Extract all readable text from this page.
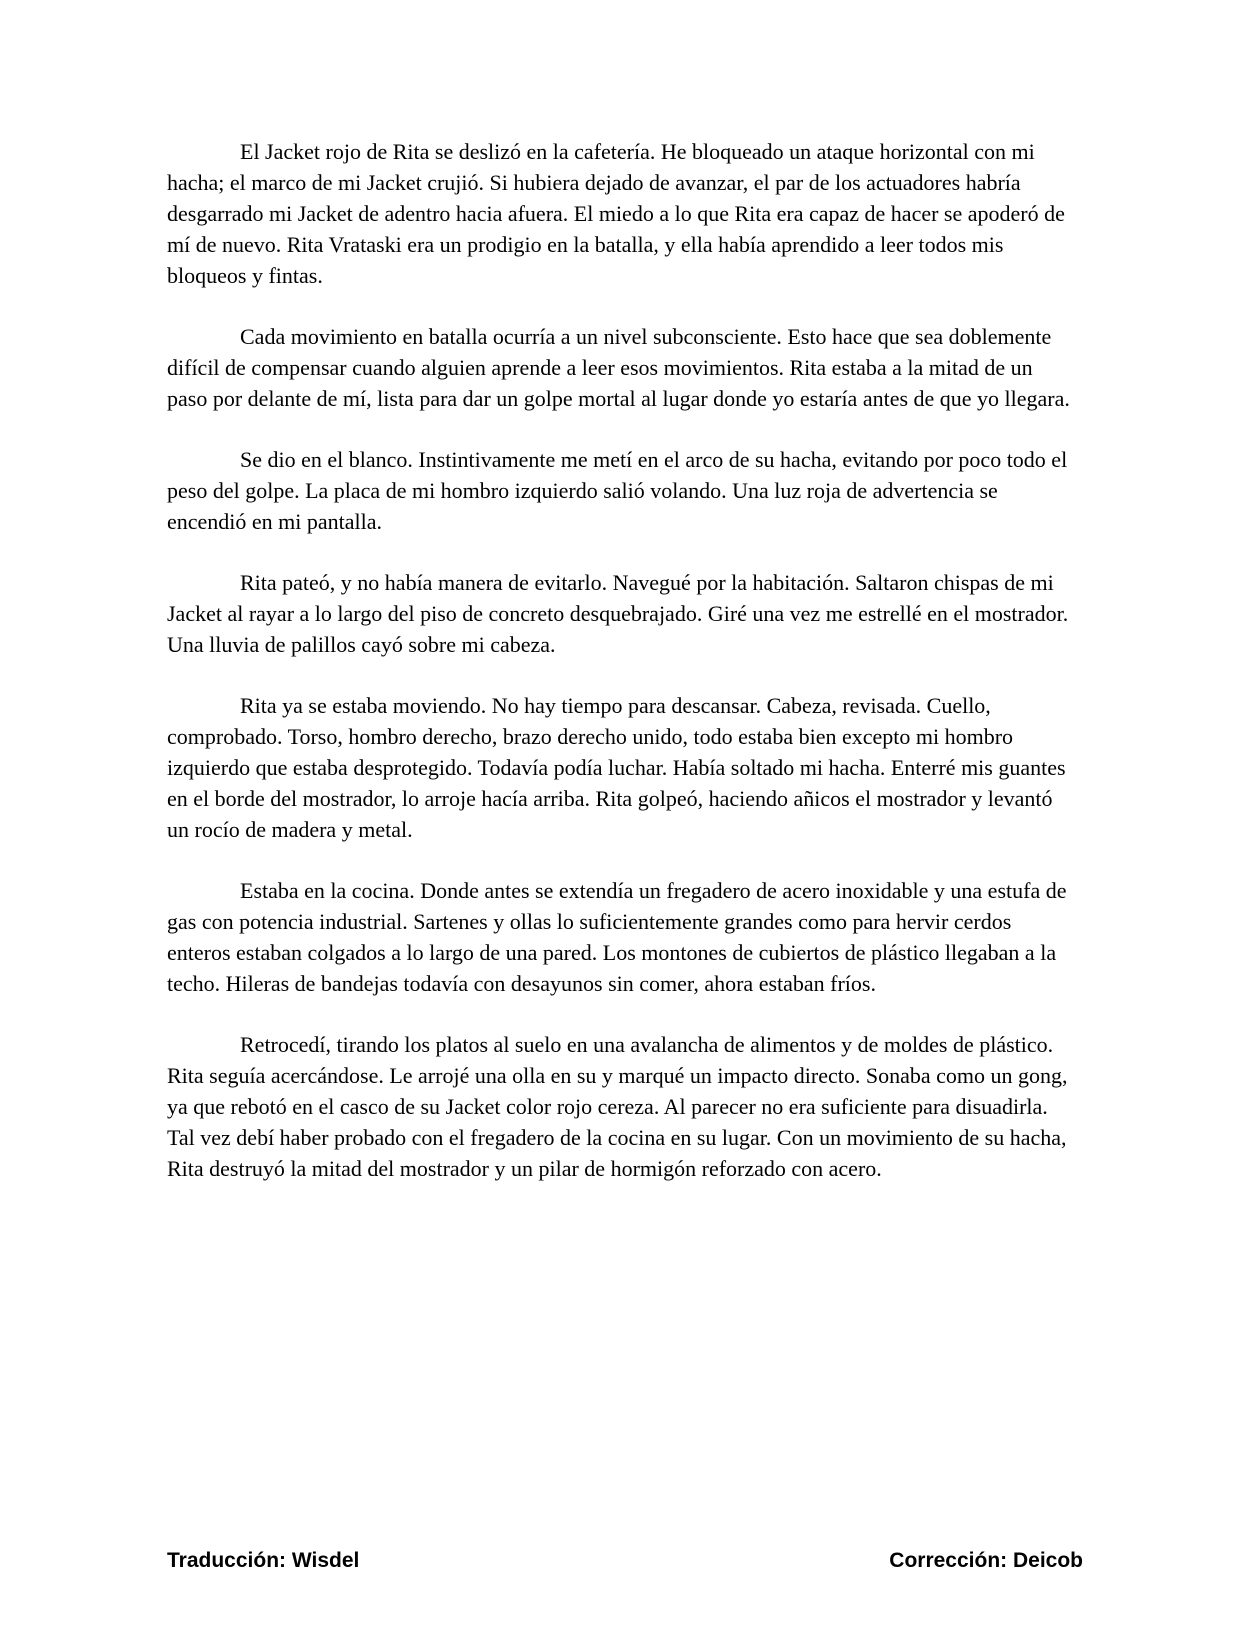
El Jacket rojo de Rita se deslizó en la cafetería. He bloqueado un ataque horizontal con mi hacha; el marco de mi Jacket crujió. Si hubiera dejado de avanzar, el par de los actuadores habría desgarrado mi Jacket de adentro hacia afuera. El miedo a lo que Rita era capaz de hacer se apoderó de mí de nuevo. Rita Vrataski era un prodigio en la batalla, y ella había aprendido a leer todos mis bloqueos y fintas.

Cada movimiento en batalla ocurría a un nivel subconsciente. Esto hace que sea doblemente difícil de compensar cuando alguien aprende a leer esos movimientos. Rita estaba a la mitad de un paso por delante de mí, lista para dar un golpe mortal al lugar donde yo estaría antes de que yo llegara.

Se dio en el blanco. Instintivamente me metí en el arco de su hacha, evitando por poco todo el peso del golpe. La placa de mi hombro izquierdo salió volando. Una luz roja de advertencia se encendió en mi pantalla.

Rita pateó, y no había manera de evitarlo. Navegué por la habitación. Saltaron chispas de mi Jacket al rayar a lo largo del piso de concreto desquebrajado. Giré una vez me estrellé en el mostrador. Una lluvia de palillos cayó sobre mi cabeza.

Rita ya se estaba moviendo. No hay tiempo para descansar. Cabeza, revisada. Cuello, comprobado. Torso, hombro derecho, brazo derecho unido, todo estaba bien excepto mi hombro izquierdo que estaba desprotegido. Todavía podía luchar. Había soltado mi hacha. Enterré mis guantes en el borde del mostrador, lo arroje hacía arriba. Rita golpeó, haciendo añicos el mostrador y levantó un rocío de madera y metal.

Estaba en la cocina. Donde antes se extendía un fregadero de acero inoxidable y una estufa de gas con potencia industrial. Sartenes y ollas lo suficientemente grandes como para hervir cerdos enteros estaban colgados a lo largo de una pared. Los montones de cubiertos de plástico llegaban a la techo. Hileras de bandejas todavía con desayunos sin comer, ahora estaban fríos.

Retrocedí, tirando los platos al suelo en una avalancha de alimentos y de moldes de plástico. Rita seguía acercándose. Le arrojé una olla en su y marqué un impacto directo. Sonaba como un gong, ya que rebotó en el casco de su Jacket color rojo cereza. Al parecer no era suficiente para disuadirla. Tal vez debí haber probado con el fregadero de la cocina en su lugar. Con un movimiento de su hacha, Rita destruyó la mitad del mostrador y un pilar de hormigón reforzado con acero.

Traducción: Wisdel	Corrección: Deicob
